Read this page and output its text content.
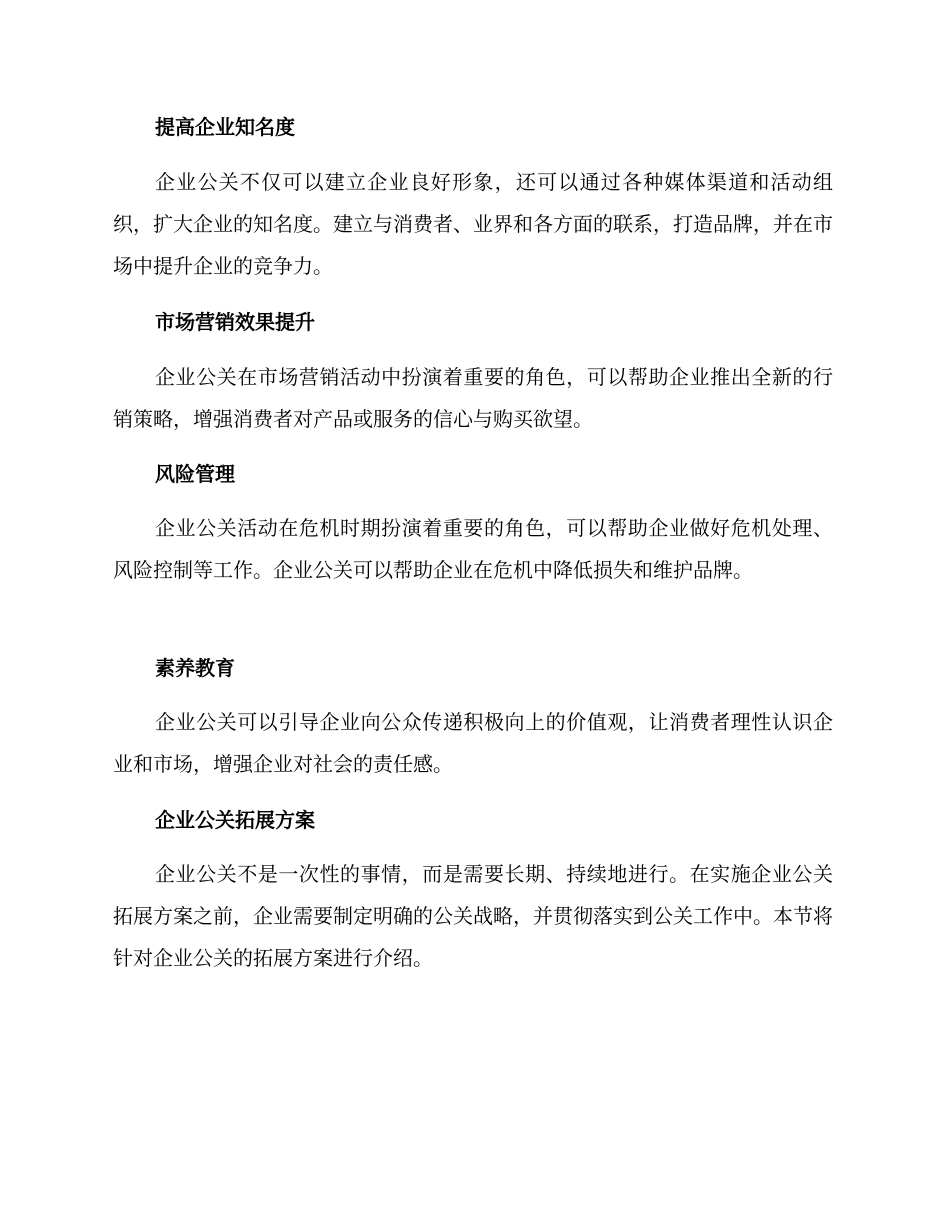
提高企业知名度

企业公关不仅可以建立企业良好形象，还可以通过各种媒体渠道和活动组织，扩大企业的知名度。建立与消费者、业界和各方面的联系，打造品牌，并在市场中提升企业的竞争力。

市场营销效果提升

企业公关在市场营销活动中扮演着重要的角色，可以帮助企业推出全新的行销策略，增强消费者对产品或服务的信心与购买欲望。

风险管理

企业公关活动在危机时期扮演着重要的角色，可以帮助企业做好危机处理、风险控制等工作。企业公关可以帮助企业在危机中降低损失和维护品牌。

素养教育

企业公关可以引导企业向公众传递积极向上的价值观，让消费者理性认识企业和市场，增强企业对社会的责任感。

企业公关拓展方案

企业公关不是一次性的事情，而是需要长期、持续地进行。在实施企业公关拓展方案之前，企业需要制定明确的公关战略，并贯彻落实到公关工作中。本节将针对企业公关的拓展方案进行介绍。
